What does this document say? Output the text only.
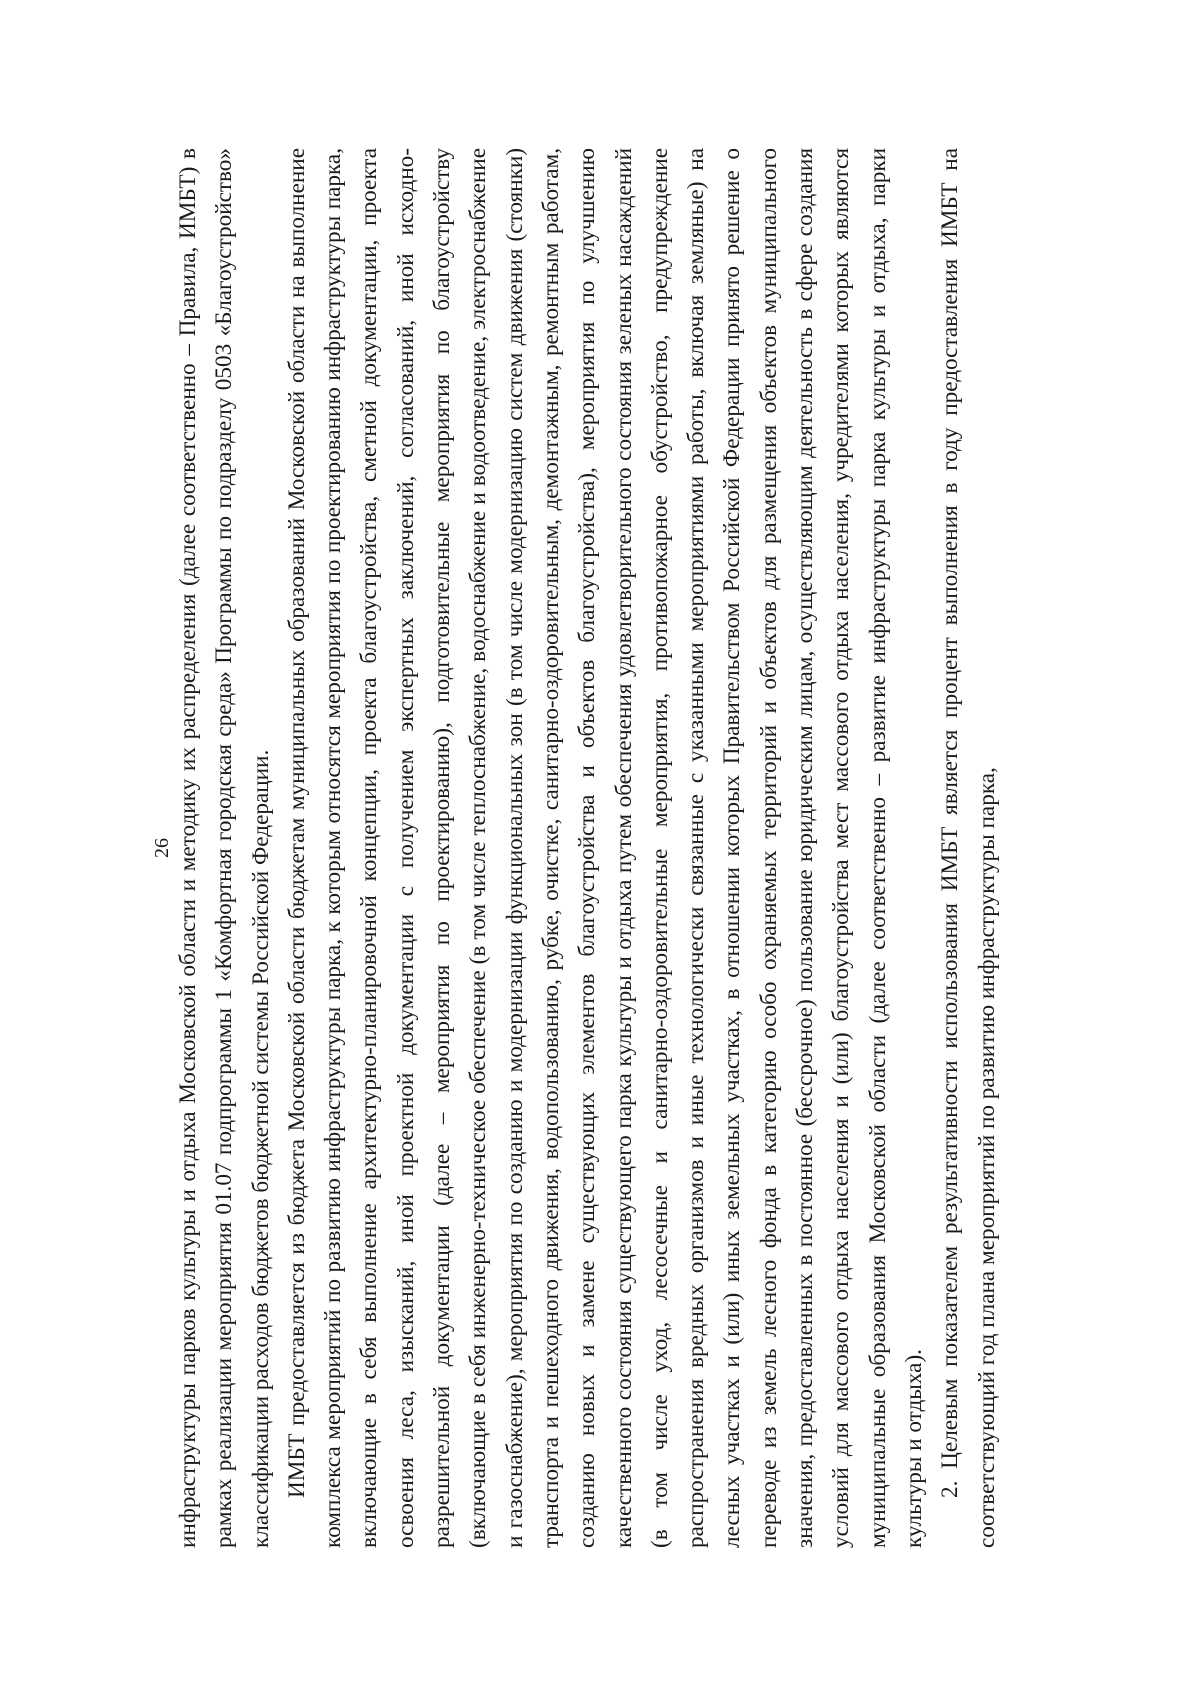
26 инфраструктуры парков культуры и отдыха Московской области и методику их распределения (далее соответственно – Правила, ИМБТ) в рамках реализации мероприятия 01.07 подпрограммы 1 «Комфортная городская среда» Программы по подразделу 0503 «Благоустройство» классификации расходов бюджетов бюджетной системы Российской Федерации. ИМБТ предоставляется из бюджета Московской области бюджетам муниципальных образований Московской области на выполнение комплекса мероприятий по развитию инфраструктуры парка, к которым относятся мероприятия по проектированию инфраструктуры парка, включающие в себя выполнение архитектурно-планировочной концепции, проекта благоустройства, сметной документации, проекта освоения леса, изысканий, иной проектной документации с получением экспертных заключений, согласований, иной исходно-разрешительной документации (далее – мероприятия по проектированию), подготовительные мероприятия по благоустройству (включающие в себя инженерно-техническое обеспечение (в том числе теплоснабжение, водоснабжение и водоотведение, электроснабжение и газоснабжение), мероприятия по созданию и модернизации функциональных зон (в том числе модернизацию систем движения (стоянки) транспорта и пешеходного движения, водопользованию, рубке, очистке, санитарно-оздоровительным, демонтажным, ремонтным работам, созданию новых и замене существующих элементов благоустройства и объектов благоустройства), мероприятия по улучшению качественного состояния существующего парка культуры и отдыха путем обеспечения удовлетворительного состояния зеленых насаждений (в том числе уход, лесосечные и санитарно-оздоровительные мероприятия, противопожарное обустройство, предупреждение распространения вредных организмов и иные технологически связанные с указанными мероприятиями работы, включая земляные) на лесных участках и (или) иных земельных участках, в отношении которых Правительством Российской Федерации принято решение о переводе из земель лесного фонда в категорию особо охраняемых территорий и объектов для размещения объектов муниципального значения, предоставленных в постоянное (бессрочное) пользование юридическим лицам, осуществляющим деятельность в сфере создания условий для массового отдыха населения и (или) благоустройства мест массового отдыха населения, учредителями которых являются муниципальные образования Московской области (далее соответственно – развитие инфраструктуры парка культуры и отдыха, парки культуры и отдыха). 2. Целевым показателем результативности использования ИМБТ является процент выполнения в году предоставления ИМБТ на соответствующий год плана мероприятий по развитию инфраструктуры парка,
